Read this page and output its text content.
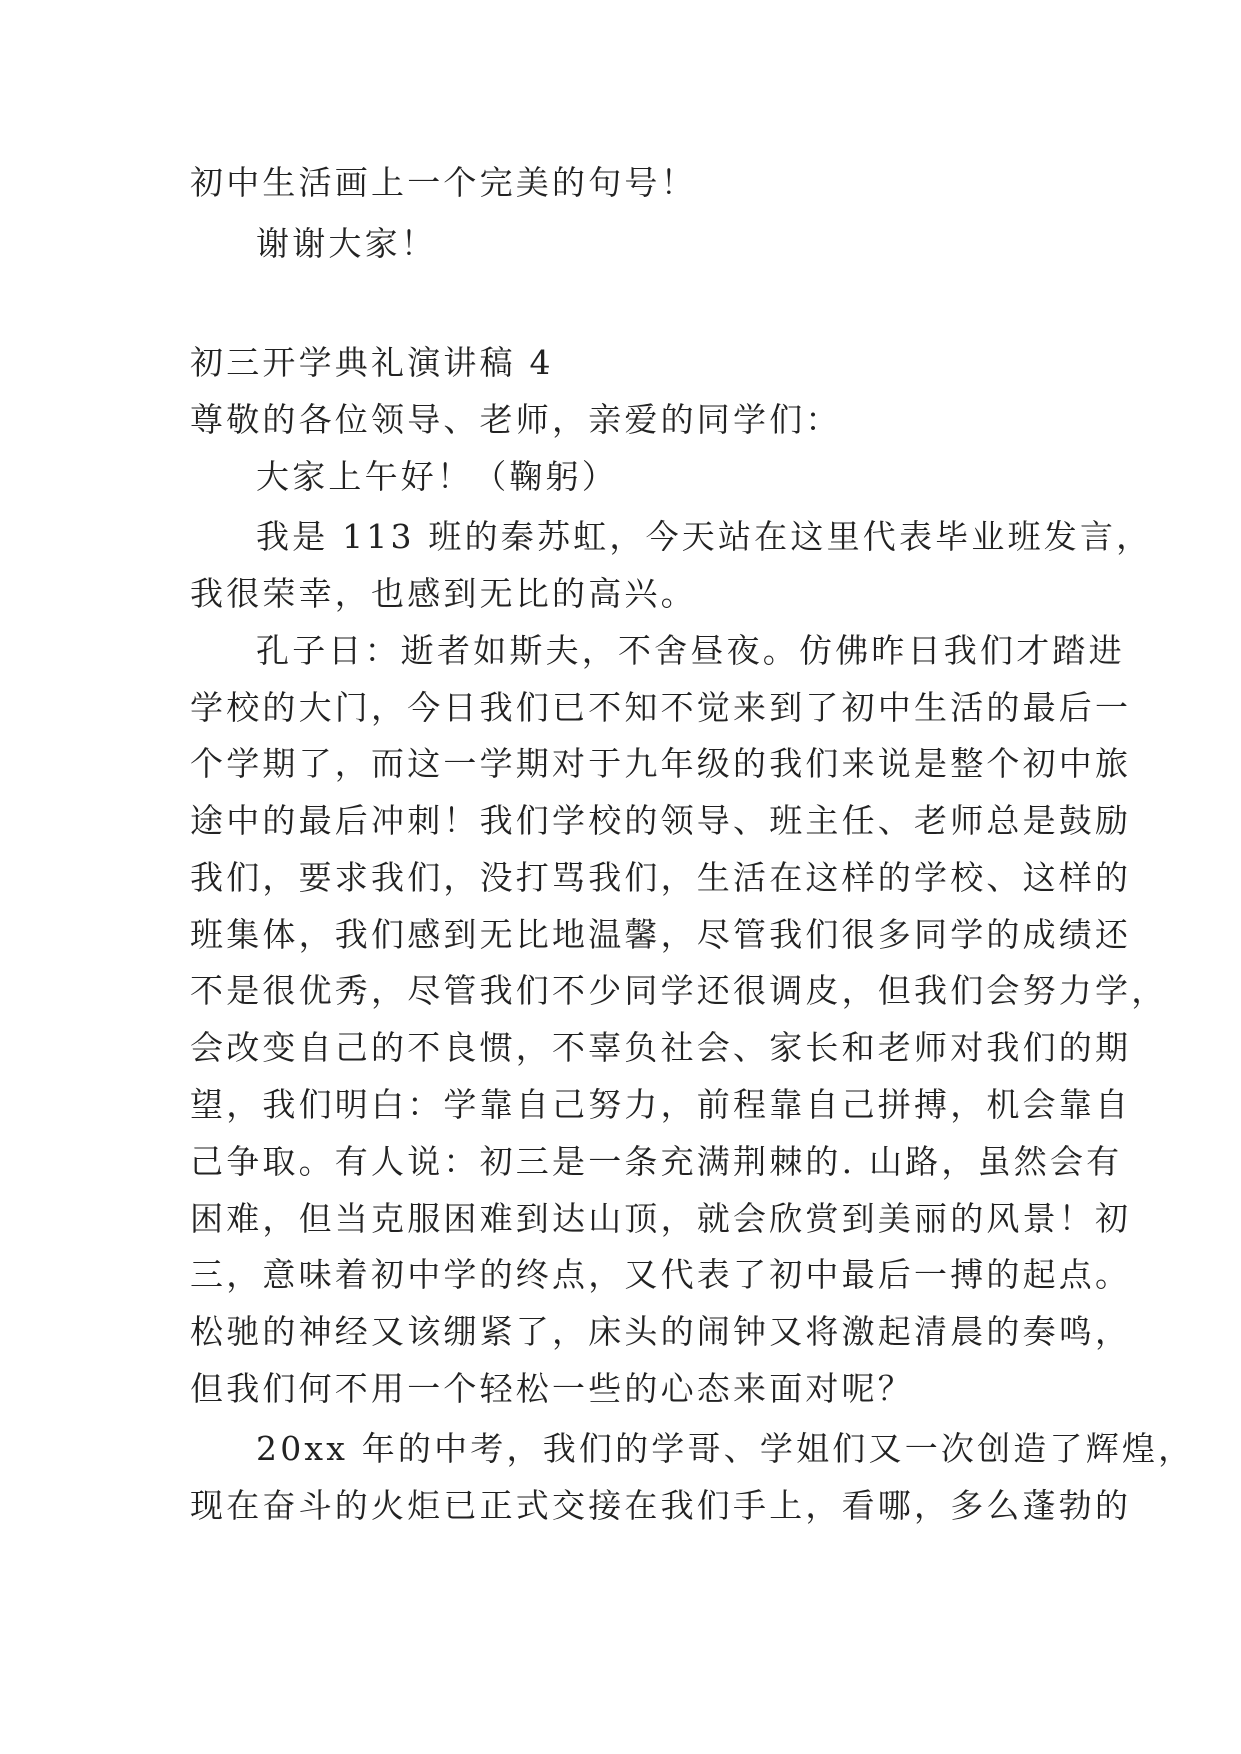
初中生活画上一个完美的句号！
谢谢大家！
初三开学典礼演讲稿 4
尊敬的各位领导、老师，亲爱的同学们：
大家上午好！（鞠躬）
我是 113 班的秦苏虹，今天站在这里代表毕业班发言，
我很荣幸，也感到无比的高兴。
孔子日：逝者如斯夫，不舍昼夜。仿佛昨日我们才踏进
学校的大门，今日我们已不知不觉来到了初中生活的最后一
个学期了，而这一学期对于九年级的我们来说是整个初中旅
途中的最后冲刺！我们学校的领导、班主任、老师总是鼓励
我们，要求我们，没打骂我们，生活在这样的学校、这样的
班集体，我们感到无比地温馨，尽管我们很多同学的成绩还
不是很优秀，尽管我们不少同学还很调皮，但我们会努力学，
会改变自己的不良惯，不辜负社会、家长和老师对我们的期
望，我们明白：学靠自己努力，前程靠自己拼搏，机会靠自
己争取。有人说：初三是一条充满荆棘的. 山路，虽然会有
困难，但当克服困难到达山顶，就会欣赏到美丽的风景！初
三，意味着初中学的终点，又代表了初中最后一搏的起点。
松驰的神经又该绷紧了，床头的闹钟又将激起清晨的奏鸣，
但我们何不用一个轻松一些的心态来面对呢？
20xx 年的中考，我们的学哥、学姐们又一次创造了辉煌，
现在奋斗的火炬已正式交接在我们手上，看哪，多么蓬勃的
